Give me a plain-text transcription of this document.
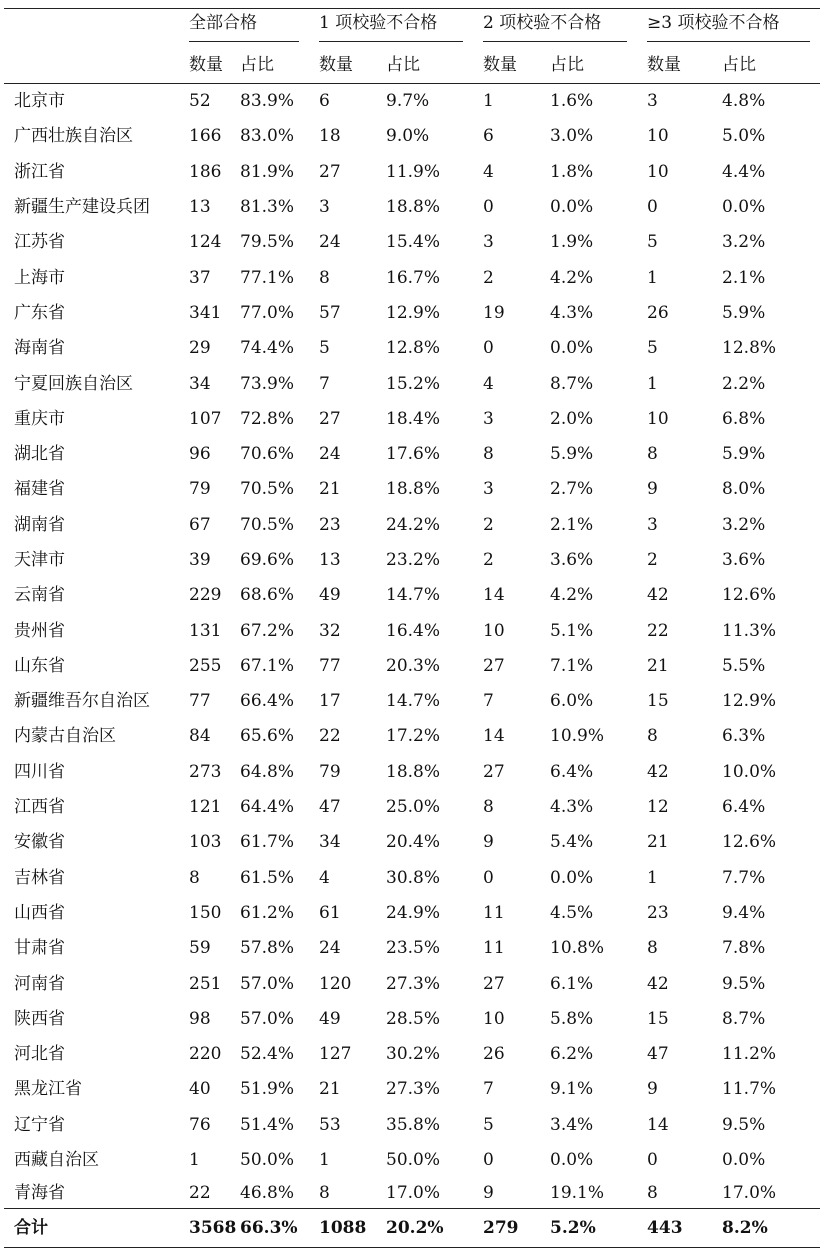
	全部合格		1 项校验不合格		2 项校验不合格		≥3 项校验不合格	

	数量	占比	数量	占比	数量	占比	数量	占比
北京市	52	83.9%	6	9.7%	1	1.6%	3	4.8%
广西壮族自治区	166	83.0%	18	9.0%	6	3.0%	10	5.0%
浙江省	186	81.9%	27	11.9%	4	1.8%	10	4.4%
新疆生产建设兵团	13	81.3%	3	18.8%	0	0.0%	0	0.0%
江苏省	124	79.5%	24	15.4%	3	1.9%	5	3.2%
上海市	37	77.1%	8	16.7%	2	4.2%	1	2.1%
广东省	341	77.0%	57	12.9%	19	4.3%	26	5.9%
海南省	29	74.4%	5	12.8%	0	0.0%	5	12.8%
宁夏回族自治区	34	73.9%	7	15.2%	4	8.7%	1	2.2%
重庆市	107	72.8%	27	18.4%	3	2.0%	10	6.8%
湖北省	96	70.6%	24	17.6%	8	5.9%	8	5.9%
福建省	79	70.5%	21	18.8%	3	2.7%	9	8.0%
湖南省	67	70.5%	23	24.2%	2	2.1%	3	3.2%
天津市	39	69.6%	13	23.2%	2	3.6%	2	3.6%
云南省	229	68.6%	49	14.7%	14	4.2%	42	12.6%
贵州省	131	67.2%	32	16.4%	10	5.1%	22	11.3%
山东省	255	67.1%	77	20.3%	27	7.1%	21	5.5%
新疆维吾尔自治区	77	66.4%	17	14.7%	7	6.0%	15	12.9%
内蒙古自治区	84	65.6%	22	17.2%	14	10.9%	8	6.3%
四川省	273	64.8%	79	18.8%	27	6.4%	42	10.0%
江西省	121	64.4%	47	25.0%	8	4.3%	12	6.4%
安徽省	103	61.7%	34	20.4%	9	5.4%	21	12.6%
吉林省	8	61.5%	4	30.8%	0	0.0%	1	7.7%
山西省	150	61.2%	61	24.9%	11	4.5%	23	9.4%
甘肃省	59	57.8%	24	23.5%	11	10.8%	8	7.8%
河南省	251	57.0%	120	27.3%	27	6.1%	42	9.5%
陕西省	98	57.0%	49	28.5%	10	5.8%	15	8.7%
河北省	220	52.4%	127	30.2%	26	6.2%	47	11.2%
黑龙江省	40	51.9%	21	27.3%	7	9.1%	9	11.7%
辽宁省	76	51.4%	53	35.8%	5	3.4%	14	9.5%
西藏自治区	1	50.0%	1	50.0%	0	0.0%	0	0.0%
青海省	22	46.8%	8	17.0%	9	19.1%	8	17.0%
合计	3568	66.3%	1088	20.2%	279	5.2%	443	8.2%
